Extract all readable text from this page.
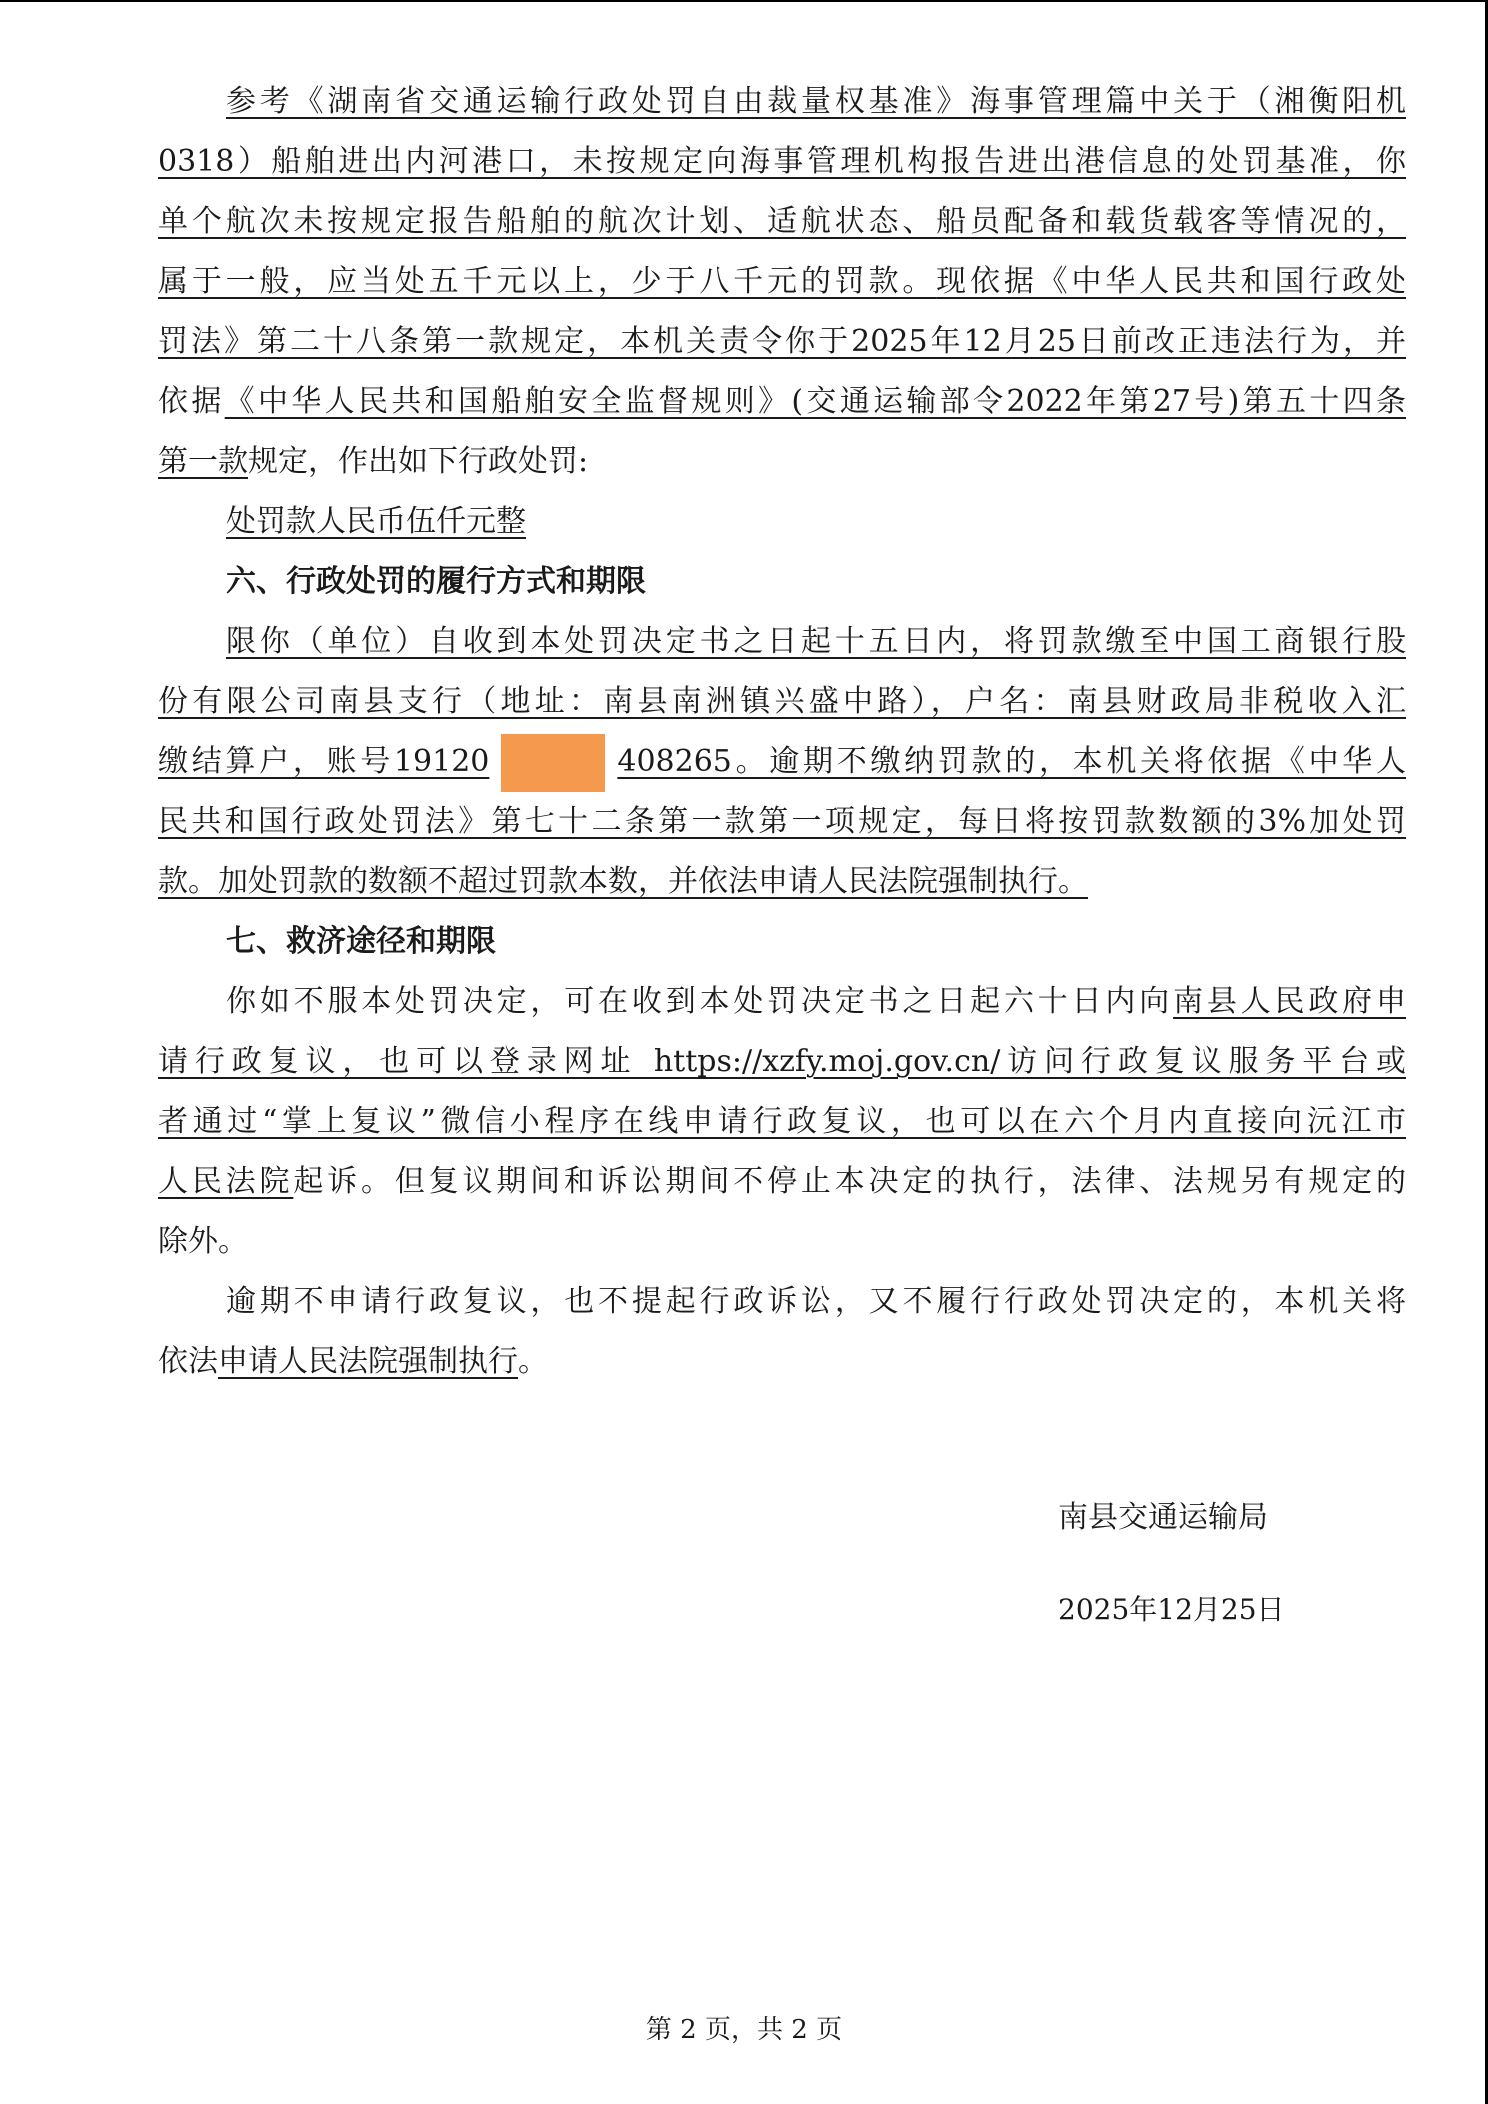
参考《湖南省交通运输行政处罚自由裁量权基准》海事管理篇中关于（湘衡阳机
0318）船舶进出内河港口，未按规定向海事管理机构报告进出港信息的处罚基准，你
单个航次未按规定报告船舶的航次计划、适航状态、船员配备和载货载客等情况的，
属于一般，应当处五千元以上，少于八千元的罚款。现依据《中华人民共和国行政处
罚法》第二十八条第一款规定，本机关责令你于2025年12月25日前改正违法行为，并
依据《中华人民共和国船舶安全监督规则》(交通运输部令2022年第27号)第五十四条
第一款规定，作出如下行政处罚:
处罚款人民币伍仟元整
六、行政处罚的履行方式和期限
限你（单位）自收到本处罚决定书之日起十五日内，将罚款缴至中国工商银行股
份有限公司南县支行（地址：南县南洲镇兴盛中路），户名：南县财政局非税收入汇
缴结算户，账号19120	408265。逾期不缴纳罚款的，本机关将依据《中华人
民共和国行政处罚法》第七十二条第一款第一项规定，每日将按罚款数额的3%加处罚
款。加处罚款的数额不超过罚款本数，并依法申请人民法院强制执行。
七、救济途径和期限
你如不服本处罚决定，可在收到本处罚决定书之日起六十日内向南县人民政府申
请行政复议，也可以登录网址 https://xzfy.moj.gov.cn/访问行政复议服务平台或
者通过“掌上复议”微信小程序在线申请行政复议，也可以在六个月内直接向沅江市
人民法院起诉。但复议期间和诉讼期间不停止本决定的执行，法律、法规另有规定的
除外。
逾期不申请行政复议，也不提起行政诉讼，又不履行行政处罚决定的，本机关将
依法申请人民法院强制执行。
南县交通运输局
2025年12月25日
第 2 页，共 2 页
